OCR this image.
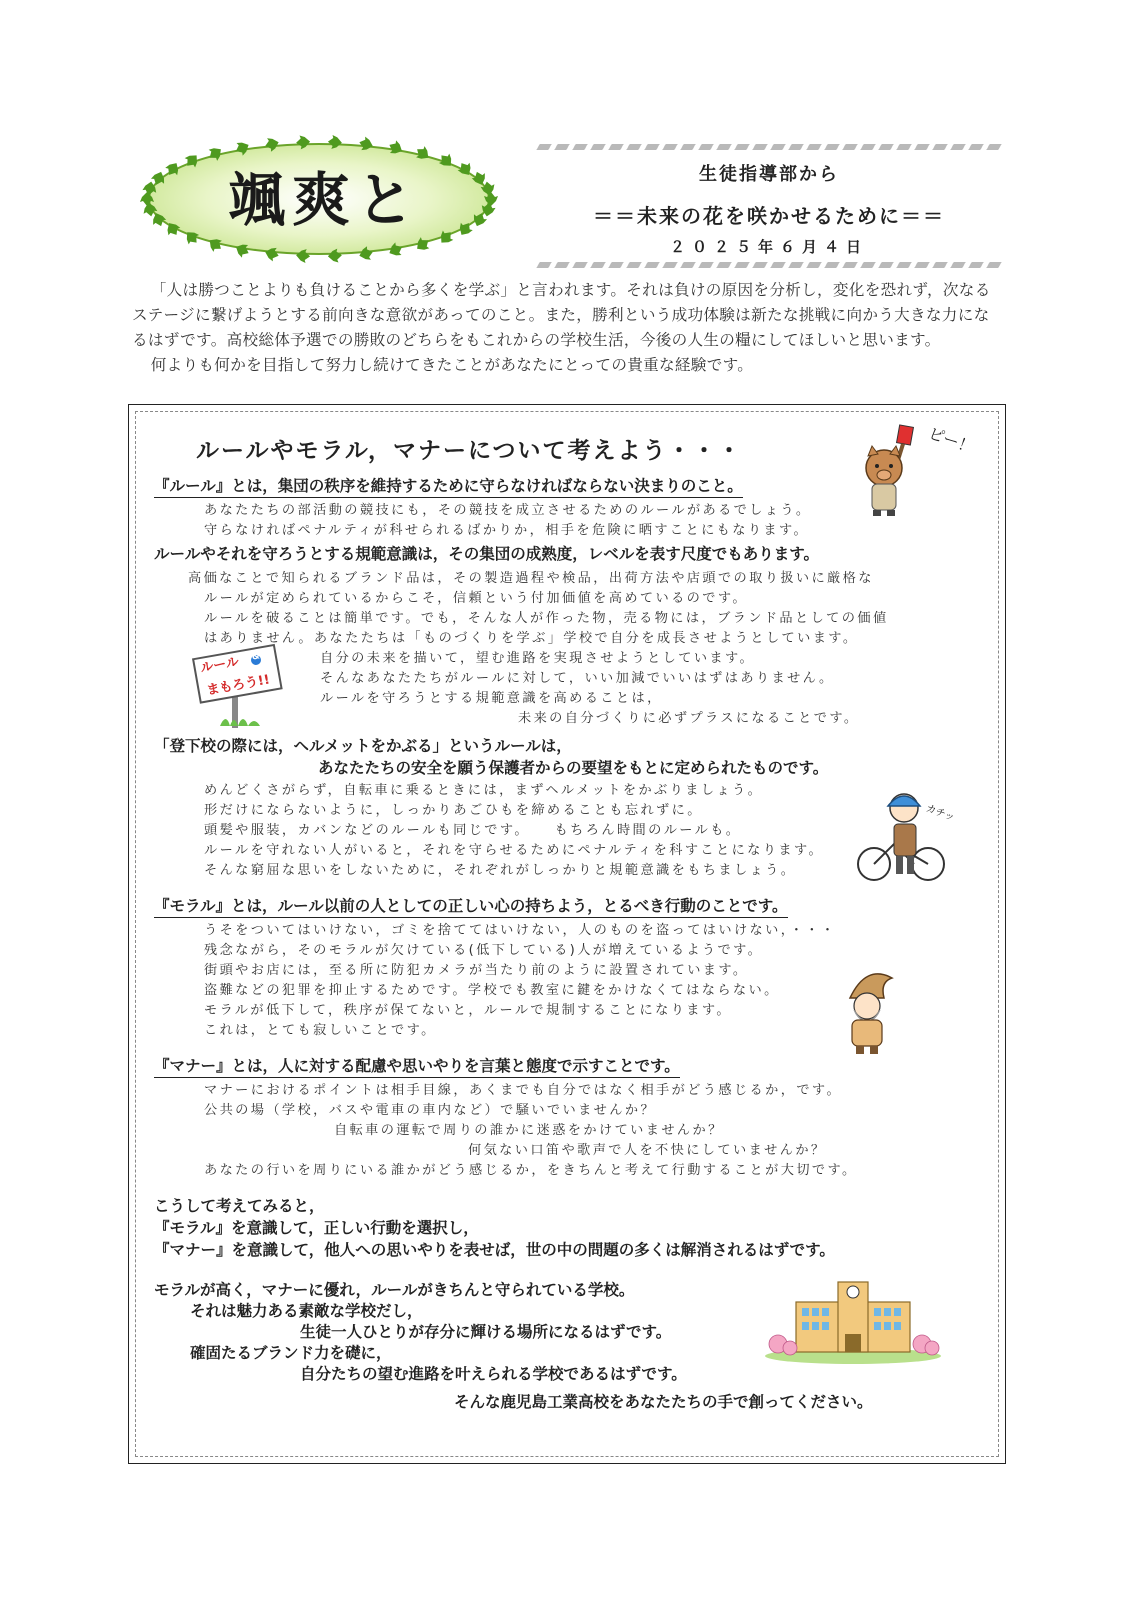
颯爽と	生徒指導部から
＝＝未来の花を咲かせるために＝＝
２０２５年６月４日

「人は勝つことよりも負けることから多くを学ぶ」と言われます。それは負けの原因を分析し，変化を恐れず，次なるステージに繋げようとする前向きな意欲があってのこと。また，勝利という成功体験は新たな挑戦に向かう大きな力になるはずです。高校総体予選での勝敗のどちらをもこれからの学校生活，今後の人生の糧にしてほしいと思います。

何よりも何かを目指して努力し続けてきたことがあなたにとっての貴重な経験です。

ルールやモラル，マナーについて考えよう・・・
『ルール』とは，集団の秩序を維持するために守らなければならない決まりのこと。
あなたたちの部活動の競技にも，その競技を成立させるためのルールがあるでしょう。
守らなければペナルティが科せられるばかりか，相手を危険に晒すことにもなります。
ピー！
ルールやそれを守ろうとする規範意識は，その集団の成熟度，レベルを表す尺度でもあります。
高価なことで知られるブランド品は，その製造過程や検品，出荷方法や店頭での取り扱いに厳格な
ルールが定められているからこそ，信頼という付加価値を高めているのです。
ルールを破ることは簡単です。でも，そんな人が作った物，売る物には，ブランド品としての価値
はありません。あなたたちは「ものづくりを学ぶ」学校で自分を成長させようとしています。
自分の未来を描いて，望む進路を実現させようとしています。
そんなあなたたちがルールに対して，いい加減でいいはずはありません。
ルールを守ろうとする規範意識を高めることは，
未来の自分づくりに必ずプラスになることです。
ルール &
まもろう!!
「登下校の際には，ヘルメットをかぶる」というルールは，
あなたたちの安全を願う保護者からの要望をもとに定められたものです。
めんどくさがらず，自転車に乗るときには，まずヘルメットをかぶりましょう。
形だけにならないように，しっかりあごひもを締めることも忘れずに。
頭髪や服装，カバンなどのルールも同じです。　　もちろん時間のルールも。
ルールを守れない人がいると，それを守らせるためにペナルティを科すことになります。
そんな窮屈な思いをしないために，それぞれがしっかりと規範意識をもちましょう。
カチッ
『モラル』とは，ルール以前の人としての正しい心の持ちよう，とるべき行動のことです。
うそをついてはいけない，ゴミを捨ててはいけない，人のものを盗ってはいけない，・・・
残念ながら，そのモラルが欠けている(低下している)人が増えているようです。
街頭やお店には，至る所に防犯カメラが当たり前のように設置されています。
盗難などの犯罪を抑止するためです。学校でも教室に鍵をかけなくてはならない。
モラルが低下して，秩序が保てないと，ルールで規制することになります。
これは，とても寂しいことです。
『マナー』とは，人に対する配慮や思いやりを言葉と態度で示すことです。
マナーにおけるポイントは相手目線，あくまでも自分ではなく相手がどう感じるか，です。
公共の場（学校，バスや電車の車内など）で騒いでいませんか？
自転車の運転で周りの誰かに迷惑をかけていませんか？
何気ない口笛や歌声で人を不快にしていませんか？
あなたの行いを周りにいる誰かがどう感じるか，をきちんと考えて行動することが大切です。
こうして考えてみると，
『モラル』を意識して，正しい行動を選択し，
『マナー』を意識して，他人への思いやりを表せば，世の中の問題の多くは解消されるはずです。
モラルが高く，マナーに優れ，ルールがきちんと守られている学校。
それは魅力ある素敵な学校だし，
生徒一人ひとりが存分に輝ける場所になるはずです。
確固たるブランド力を礎に，
自分たちの望む進路を叶えられる学校であるはずです。
そんな鹿児島工業高校をあなたたちの手で創ってください。
